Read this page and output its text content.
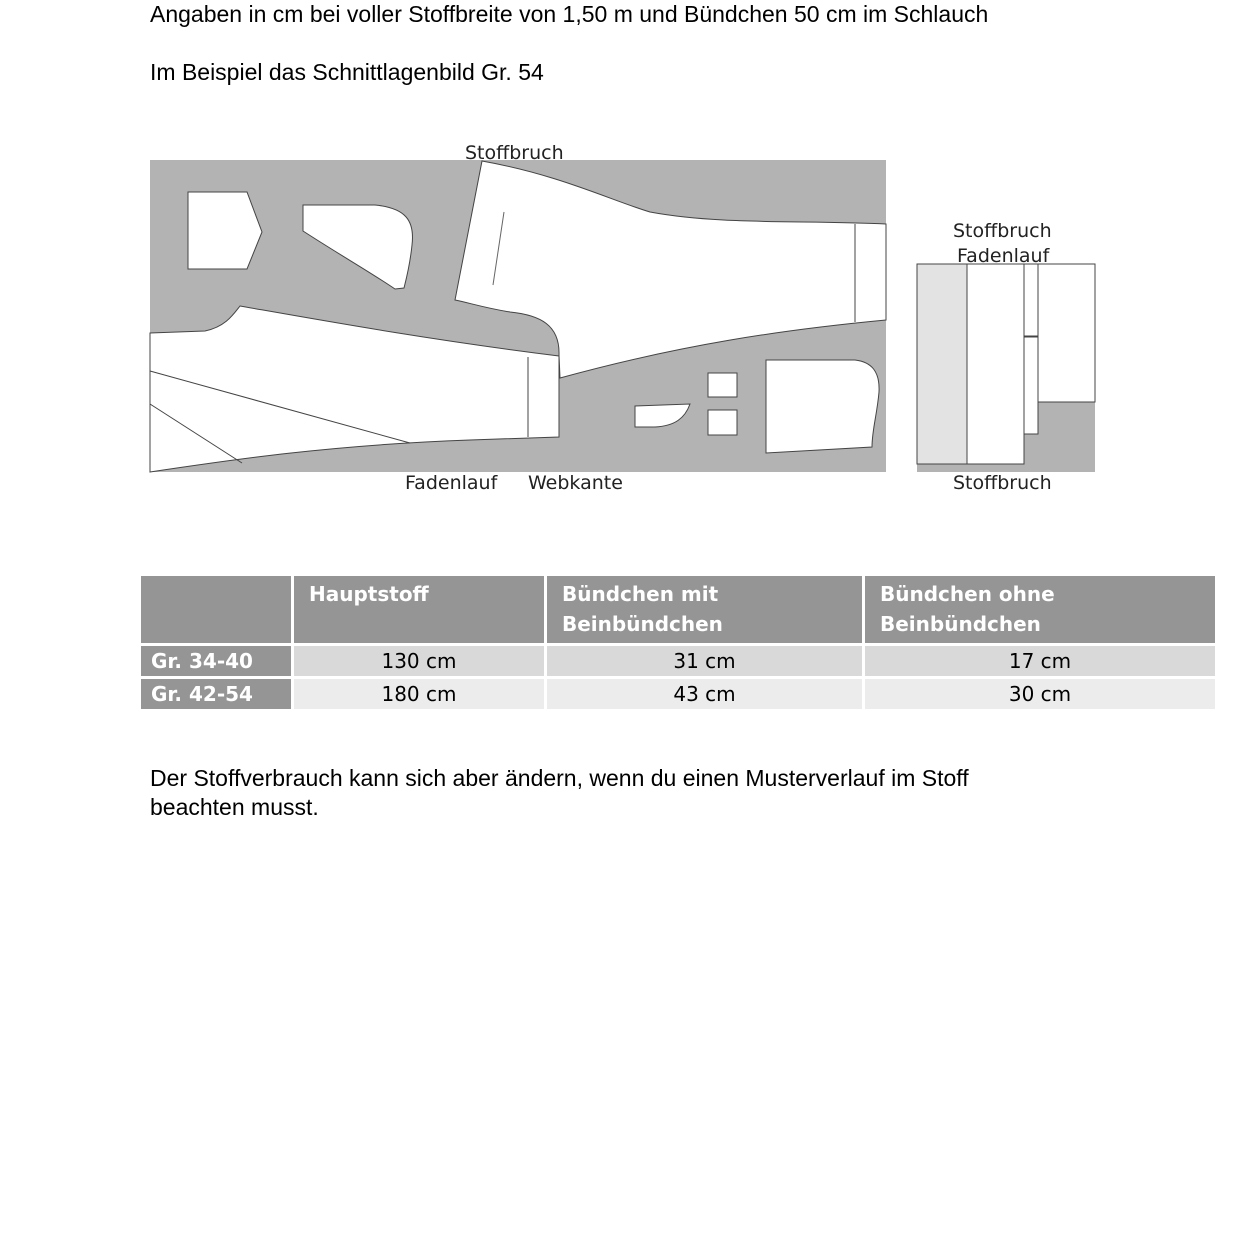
Angaben in cm bei voller Stoffbreite von 1,50 m und Bündchen 50 cm im Schlauch

Im Beispiel das Schnittlagenbild Gr. 54

Stoffbruch
Fadenlauf Webkante
Stoffbruch
Fadenlauf
Stoffbruch
	Hauptstoff	Bündchen mit Beinbündchen	Bündchen ohne Beinbündchen
Gr. 34-40	130 cm	31 cm	17 cm
Gr. 42-54	180 cm	43 cm	30 cm

Der Stoffverbrauch kann sich aber ändern, wenn du einen Musterverlauf im Stoff

beachten musst.
